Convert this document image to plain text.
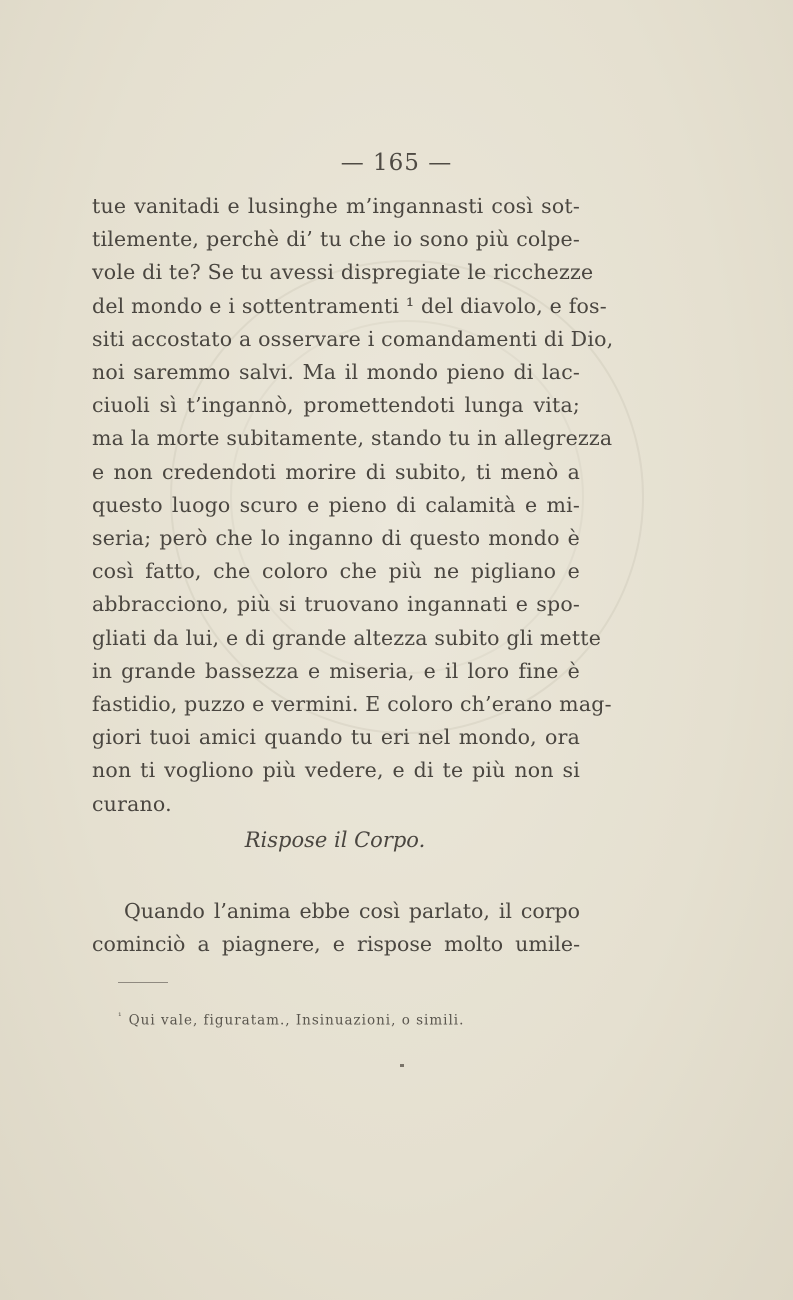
— 165 —
tue vanitadi e lusinghe m’ingannasti così sot-
tilemente, perchè di’ tu che io sono più colpe-
vole di te? Se tu avessi dispregiate le ricchezze
del mondo e i sottentramenti ¹ del diavolo, e fos-
siti accostato a osservare i comandamenti di Dio,
noi saremmo salvi. Ma il mondo pieno di lac-
ciuoli sì t’ingannò, promettendoti lunga vita;
ma la morte subitamente, stando tu in allegrezza
e non credendoti morire di subito, ti menò a
questo luogo scuro e pieno di calamità e mi-
seria; però che lo inganno di questo mondo è
così fatto, che coloro che più ne pigliano e
abbracciono, più si truovano ingannati e spo-
gliati da lui, e di grande altezza subito gli mette
in grande bassezza e miseria, e il loro fine è
fastidio, puzzo e vermini. E coloro ch’erano mag-
giori tuoi amici quando tu eri nel mondo, ora
non ti vogliono più vedere, e di te più non si
curano.
Rispose il Corpo.
Quando l’anima ebbe così parlato, il corpo
cominciò a piagnere, e rispose molto umile-
$^{^1}$ Qui vale, figuratam., Insinuazioni, o simili.
